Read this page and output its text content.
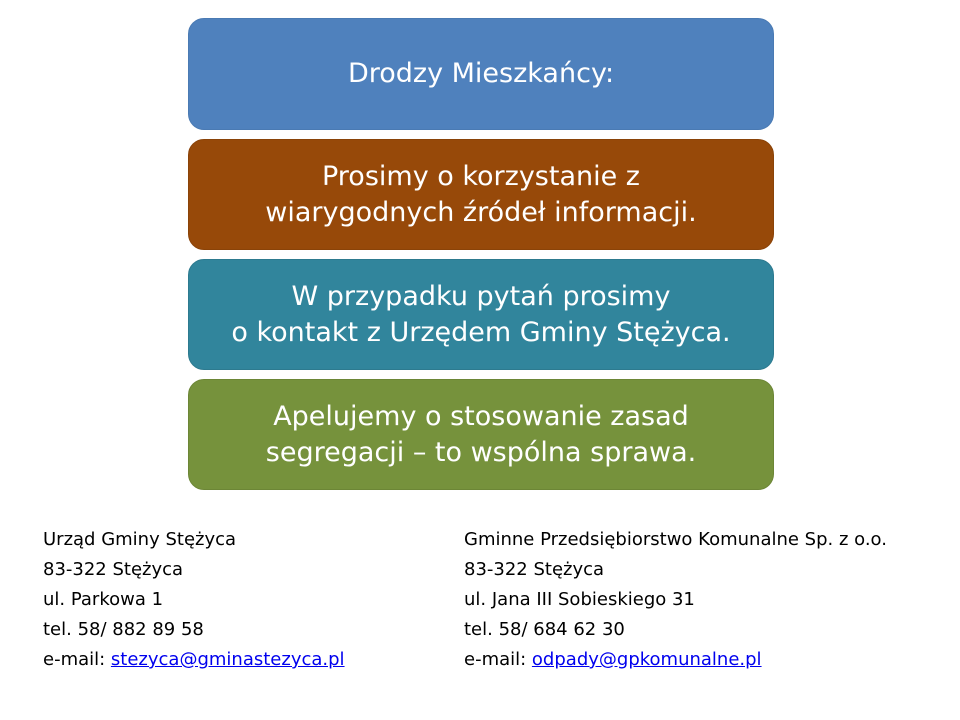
Drodzy Mieszkańcy:
Prosimy o korzystanie z
wiarygodnych źródeł informacji.
W przypadku pytań prosimy
o kontakt z Urzędem Gminy Stężyca.
Apelujemy o stosowanie zasad
segregacji – to wspólna sprawa.
Urząd Gminy Stężyca
83-322 Stężyca
ul. Parkowa 1
tel. 58/ 882 89 58
e-mail: stezyca@gminastezyca.pl
Gminne Przedsiębiorstwo Komunalne Sp. z o.o.
83-322 Stężyca
ul. Jana III Sobieskiego 31
tel. 58/ 684 62 30
e-mail: odpady@gpkomunalne.pl
